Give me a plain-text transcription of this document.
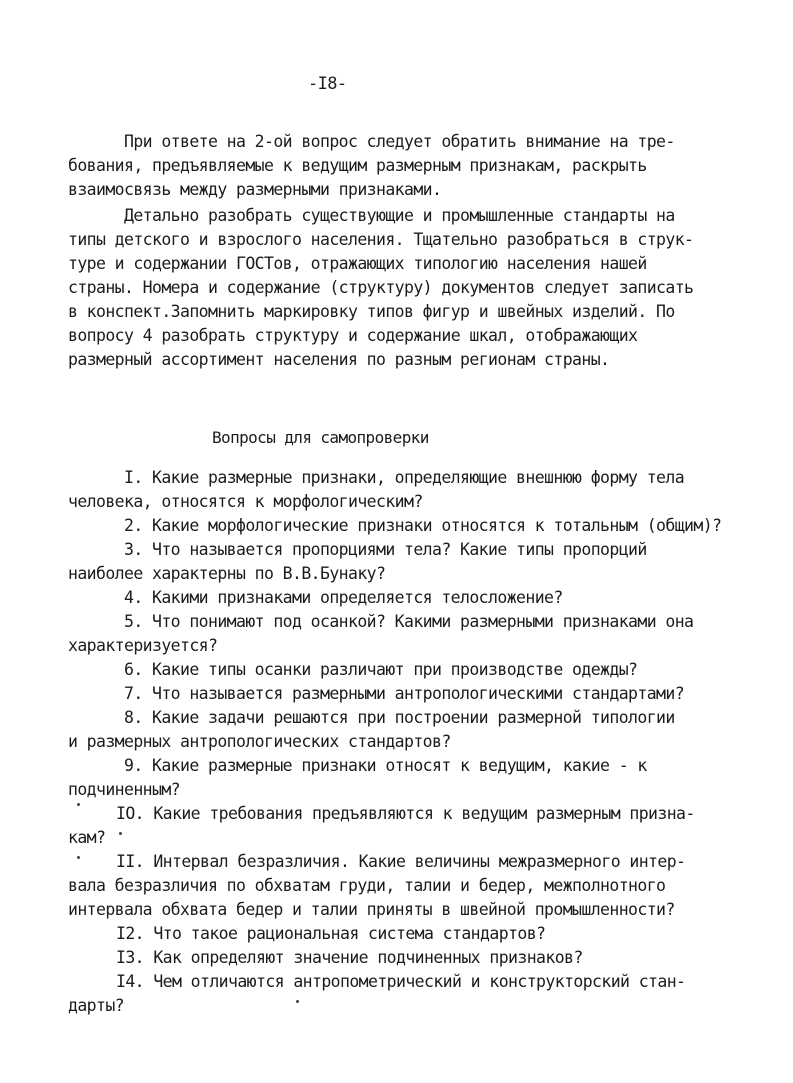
-I8-
При ответе на 2-ой вопрос следует обратить внимание на тре-
бования, предъявляемые к ведущим размерным признакам, раскрыть
взаимосвязь между размерными признаками.
Детально разобрать существующие и промышленные стандарты на
типы детского и взрослого населения. Тщательно разобраться в струк-
туре и содержании ГОСТов, отражающих типологию населения нашей
страны. Номера и содержание (структуру) документов следует записать
в конспект.Запомнить маркировку типов фигур и швейных изделий. По
вопросу 4 разобрать структуру и содержание шкал, отображающих
размерный ассортимент населения по разным регионам страны.
Вопросы для самопроверки
I. Какие размерные признаки, определяющие внешнюю форму тела
человека, относятся к морфологическим?
2. Какие морфологические признаки относятся к тотальным (общим)?
3. Что называется пропорциями тела? Какие типы пропорций
наиболее характерны по В.В.Бунаку?
4. Какими признаками определяется телосложение?
5. Что понимают под осанкой? Какими размерными признаками она
характеризуется?
6. Какие типы осанки различают при производстве одежды?
7. Что называется размерными антропологическими стандартами?
8. Какие задачи решаются при построении размерной типологии
и размерных антропологических стандартов?
9. Какие размерные признаки относят к ведущим, какие - к
подчиненным?
IO. Какие требования предъявляются к ведущим размерным призна-
кам?
II. Интервал безразличия. Какие величины межразмерного интер-
вала безразличия по обхватам груди, талии и бедер, межполнотного
интервала обхвата бедер и талии приняты в швейной промышленности?
I2. Что такое рациональная система стандартов?
I3. Как определяют значение подчиненных признаков?
I4. Чем отличаются антропометрический и конструкторский стан-
дарты?
